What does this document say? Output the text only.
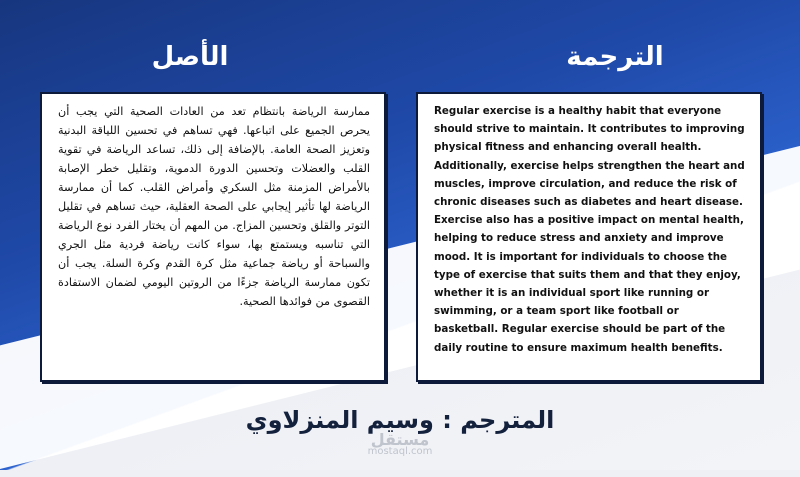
الأصل	الترجمة
ممارسة الرياضة بانتظام تعد من العادات الصحية التي يجب أن يحرص الجميع على اتباعها. فهي تساهم في تحسين اللياقة البدنية وتعزيز الصحة العامة. بالإضافة إلى ذلك، تساعد الرياضة في تقوية القلب والعضلات وتحسين الدورة الدموية، وتقليل خطر الإصابة بالأمراض المزمنة مثل السكري وأمراض القلب. كما أن ممارسة الرياضة لها تأثير إيجابي على الصحة العقلية، حيث تساهم في تقليل التوتر والقلق وتحسين المزاج. من المهم أن يختار الفرد نوع الرياضة التي تناسبه ويستمتع بها، سواء كانت رياضة فردية مثل الجري والسباحة أو رياضة جماعية مثل كرة القدم وكرة السلة. يجب أن تكون ممارسة الرياضة جزءًا من الروتين اليومي لضمان الاستفادة القصوى من فوائدها الصحية.
Regular exercise is a healthy habit that everyone should strive to maintain. It contributes to improving physical fitness and enhancing overall health. Additionally, exercise helps strengthen the heart and muscles, improve circulation, and reduce the risk of chronic diseases such as diabetes and heart disease. Exercise also has a positive impact on mental health, helping to reduce stress and anxiety and improve mood. It is important for individuals to choose the type of exercise that suits them and that they enjoy, whether it is an individual sport like running or swimming, or a team sport like football or basketball. Regular exercise should be part of the daily routine to ensure maximum health benefits.
المترجم : وسيم المنزلاوي
مستقل
mostaql.com
